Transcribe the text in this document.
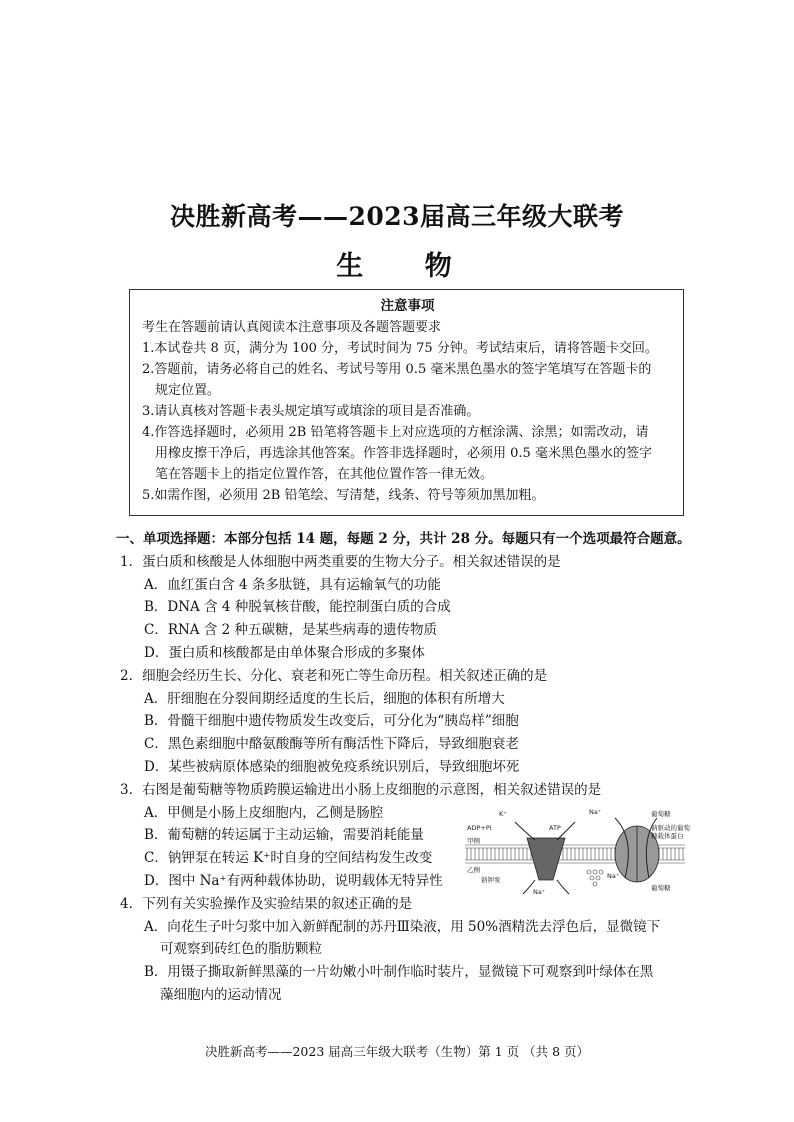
决胜新高考——2023届高三年级大联考
生 物
注意事项

考生在答题前请认真阅读本注意事项及各题答题要求

1.本试卷共 8 页，满分为 100 分，考试时间为 75 分钟。考试结束后，请将答题卡交回。

2.答题前，请务必将自己的姓名、考试号等用 0.5 毫米黑色墨水的签字笔填写在答题卡的

规定位置。

3.请认真核对答题卡表头规定填写或填涂的项目是否准确。

4.作答选择题时，必须用 2B 铅笔将答题卡上对应选项的方框涂满、涂黑；如需改动，请

用橡皮擦干净后，再选涂其他答案。作答非选择题时，必须用 0.5 毫米黑色墨水的签字

笔在答题卡上的指定位置作答，在其他位置作答一律无效。

5.如需作图，必须用 2B 铅笔绘、写清楚，线条、符号等须加黑加粗。

一、单项选择题：本部分包括 14 题，每题 2 分，共计 28 分。每题只有一个选项最符合题意。

1．蛋白质和核酸是人体细胞中两类重要的生物大分子。相关叙述错误的是

A．血红蛋白含 4 条多肽链，具有运输氧气的功能

B．DNA 含 4 种脱氧核苷酸，能控制蛋白质的合成

C．RNA 含 2 种五碳糖，是某些病毒的遗传物质

D．蛋白质和核酸都是由单体聚合形成的多聚体

2．细胞会经历生长、分化、衰老和死亡等生命历程。相关叙述正确的是

A．肝细胞在分裂间期经适度的生长后，细胞的体积有所增大

B．骨髓干细胞中遗传物质发生改变后，可分化为“胰岛样”细胞

C．黑色素细胞中酪氨酸酶等所有酶活性下降后，导致细胞衰老

D．某些被病原体感染的细胞被免疫系统识别后，导致细胞坏死

3．右图是葡萄糖等物质跨膜运输进出小肠上皮细胞的示意图，相关叙述错误的是

A．甲侧是小肠上皮细胞内，乙侧是肠腔

B．葡萄糖的转运属于主动运输，需要消耗能量

C．钠钾泵在转运 K⁺时自身的空间结构发生改变

D．图中 Na⁺有两种载体协助，说明载体无特异性

4．下列有关实验操作及实验结果的叙述正确的是

A．向花生子叶匀浆中加入新鲜配制的苏丹Ⅲ染液，用 50%酒精洗去浮色后，显微镜下

可观察到砖红色的脂肪颗粒

B．用镊子撕取新鲜黑藻的一片幼嫩小叶制作临时装片，显微镜下可观察到叶绿体在黑

藻细胞内的运动情况

K⁺
ADP+Pi	ATP
Na⁺
甲侧
乙侧
钠钾泵
Na⁺
Na⁺
葡萄糖
钠驱动的葡萄
糖载体蛋白
葡萄糖
决胜新高考——2023 届高三年级大联考（生物）第 1 页 （共 8 页）
